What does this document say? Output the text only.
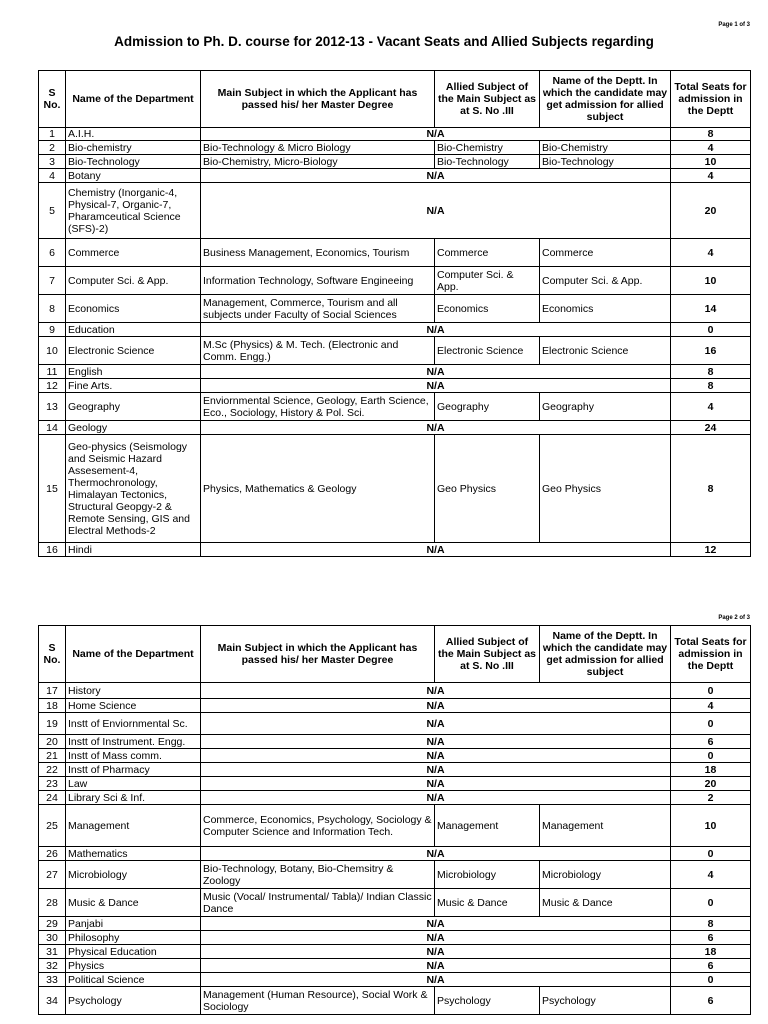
Page 1 of 3
Admission to Ph. D. course for 2012-13 - Vacant Seats and Allied Subjects regarding
S No.	Name of the Department	Main Subject in which the Applicant has passed his/ her Master Degree	Allied Subject of the Main Subject as at S. No .III	Name of the Deptt. In which the candidate may get admission for allied subject	Total Seats for admission in the Deptt
1	A.I.H.	N/A			8
2	Bio-chemistry	Bio-Technology & Micro Biology	Bio-Chemistry	Bio-Chemistry	4
3	Bio-Technology	Bio-Chemistry, Micro-Biology	Bio-Technology	Bio-Technology	10
4	Botany	N/A			4
5	Chemistry (Inorganic-4, Physical-7, Organic-7, Pharamceutical Science (SFS)-2)	N/A			20
6	Commerce	Business Management, Economics, Tourism	Commerce	Commerce	4
7	Computer Sci. & App.	Information Technology, Software Engineeing	Computer Sci. & App.	Computer Sci. & App.	10
8	Economics	Management, Commerce, Tourism and all subjects under Faculty of Social Sciences	Economics	Economics	14
9	Education	N/A			0
10	Electronic Science	M.Sc (Physics) & M. Tech. (Electronic and Comm. Engg.)	Electronic Science	Electronic Science	16
11	English	N/A			8
12	Fine Arts.	N/A			8
13	Geography	Enviornmental Science, Geology, Earth Science, Eco., Sociology, History & Pol. Sci.	Geography	Geography	4
14	Geology	N/A			24
15	Geo-physics (Seismology and Seismic Hazard Assesement-4, Thermochronology, Himalayan Tectonics, Structural Geopgy-2 & Remote Sensing, GIS and Electral Methods-2	Physics, Mathematics & Geology	Geo Physics	Geo Physics	8
16	Hindi	N/A			12
Page 2 of 3
S No.	Name of the Department	Main Subject in which the Applicant has passed his/ her Master Degree	Allied Subject of the Main Subject as at S. No .III	Name of the Deptt. In which the candidate may get admission for allied subject	Total Seats for admission in the Deptt
17	History	N/A			0
18	Home Science	N/A			4
19	Instt of Enviornmental Sc.	N/A			0
20	Instt of Instrument. Engg.	N/A			6
21	Instt of Mass comm.	N/A			0
22	Instt of Pharmacy	N/A			18
23	Law	N/A			20
24	Library Sci & Inf.	N/A			2
25	Management	Commerce, Economics, Psychology, Sociology & Computer Science and Information Tech.	Management	Management	10
26	Mathematics	N/A			0
27	Microbiology	Bio-Technology, Botany, Bio-Chemsitry & Zoology	Microbiology	Microbiology	4
28	Music & Dance	Music (Vocal/ Instrumental/ Tabla)/ Indian Classic Dance	Music & Dance	Music & Dance	0
29	Panjabi	N/A			8
30	Philosophy	N/A			6
31	Physical Education	N/A			18
32	Physics	N/A			6
33	Political Science	N/A			0
34	Psychology	Management (Human Resource), Social Work & Sociology	Psychology	Psychology	6
